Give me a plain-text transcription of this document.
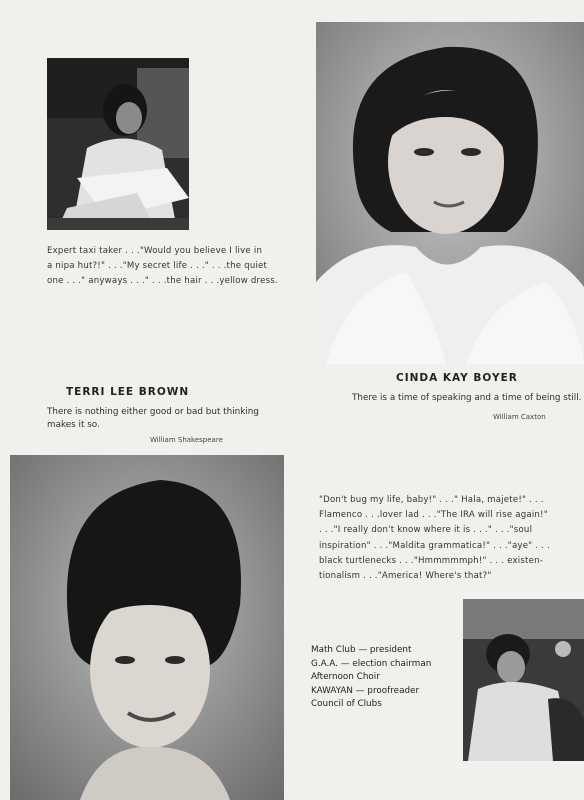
Expert taxi taker . . ."Would you believe I live in
a nipa hut?!" . . ."My secret life . . ." . . .the quiet
one . . ." anyways . . ." . . .the hair . . .yellow dress.
TERRI LEE BROWN
There is nothing either good or bad but thinking makes it so.
William Shakespeare
CINDA KAY BOYER
There is a time of speaking and a time of being still.
William Caxton
"Don't bug my life, baby!" . . ." Hala, majete!" . . .
Flamenco . . .lover lad . . ."The IRA will rise again!"
. . ."I really don't know where it is . . ." . . ."soul
inspiration" . . ."Maldita grammatica!" . . ."aye" . . .
black turtlenecks . . ."Hmmmmmph!" . . . existen-
tionalism . . ."America! Where's that?"
Math Club — president
G.A.A. — election chairman
Afternoon Choir
KAWAYAN — proofreader
Council of Clubs
